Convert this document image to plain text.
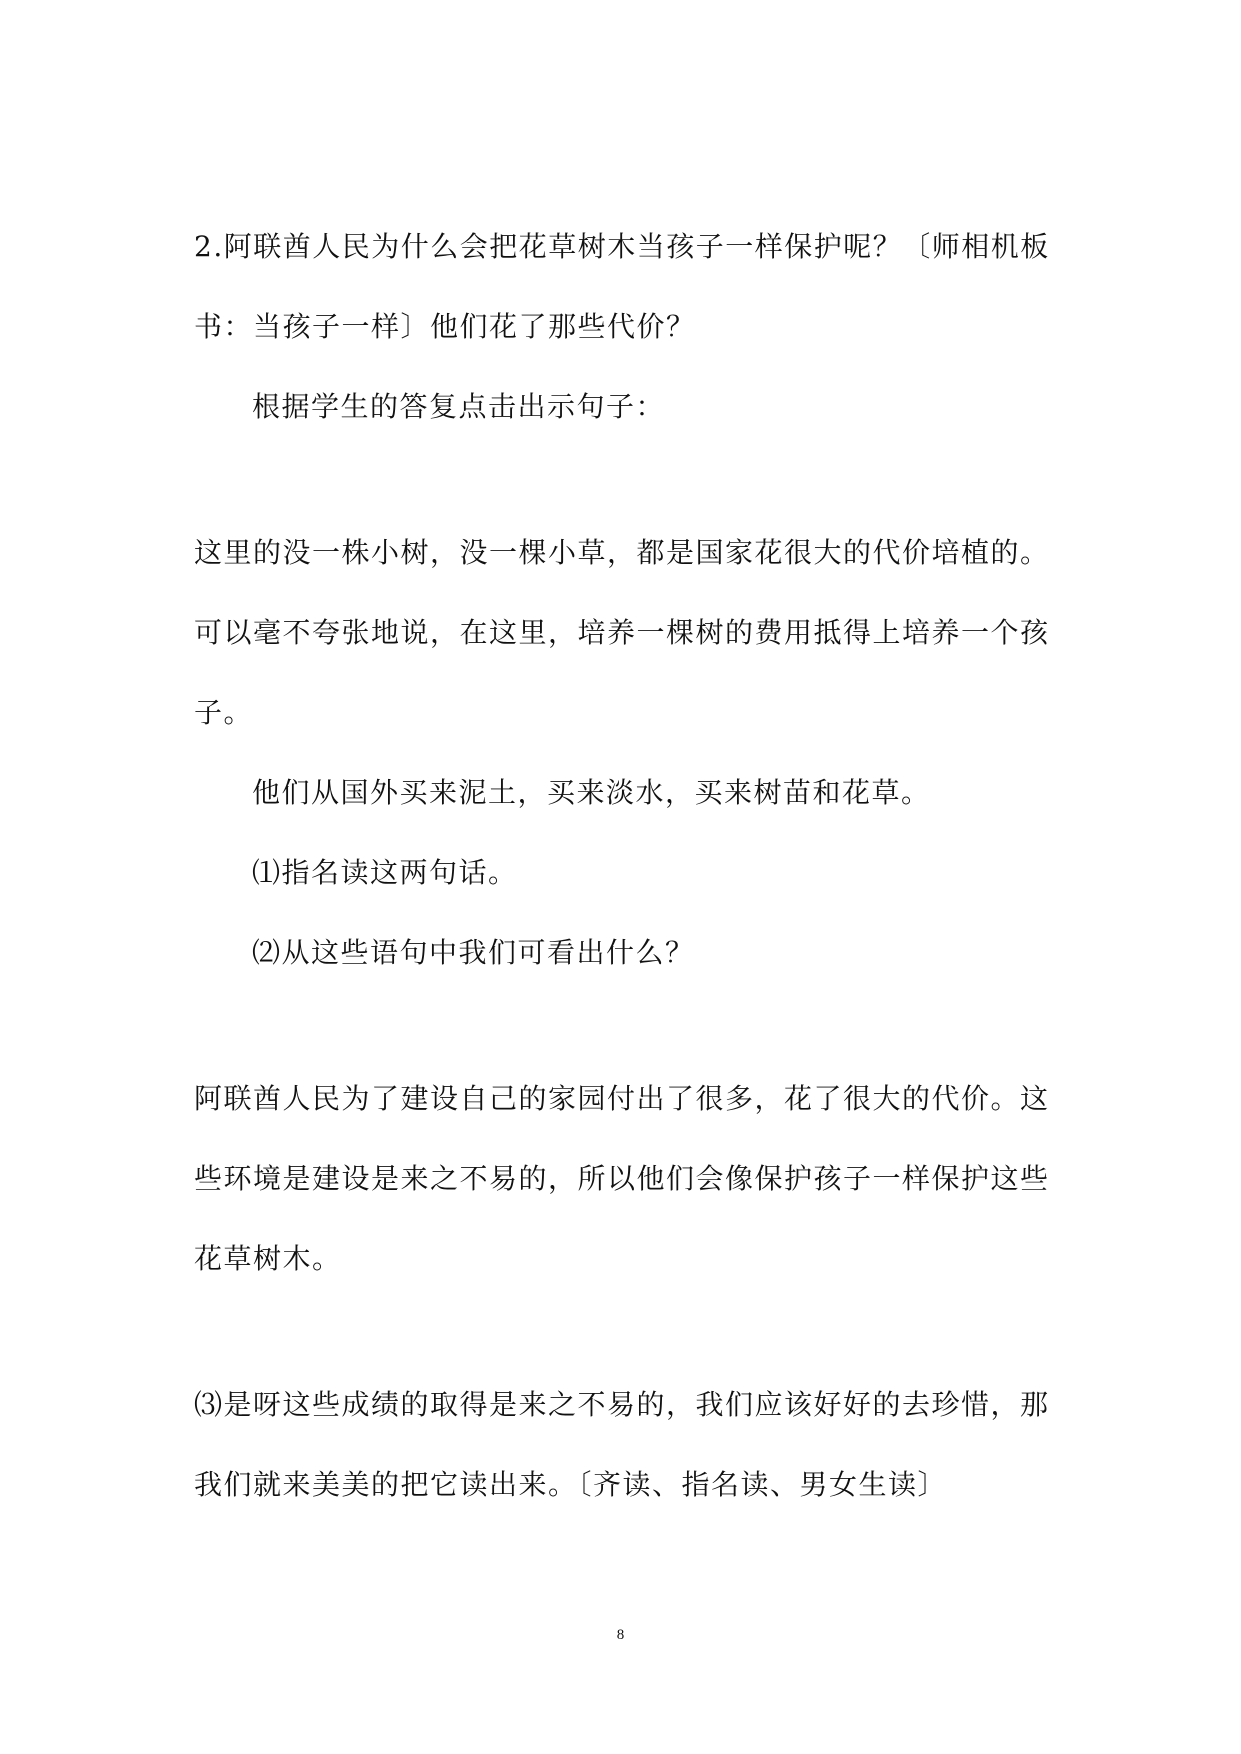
2.阿联酋人民为什么会把花草树木当孩子一样保护呢？〔师相机板
书：当孩子一样〕他们花了那些代价？
根据学生的答复点击出示句子：
这里的没一株小树，没一棵小草，都是国家花很大的代价培植的。
可以毫不夸张地说，在这里，培养一棵树的费用抵得上培养一个孩
子。
他们从国外买来泥土，买来淡水，买来树苗和花草。
⑴指名读这两句话。
⑵从这些语句中我们可看出什么？
阿联酋人民为了建设自己的家园付出了很多，花了很大的代价。这
些环境是建设是来之不易的，所以他们会像保护孩子一样保护这些
花草树木。
⑶是呀这些成绩的取得是来之不易的，我们应该好好的去珍惜，那
我们就来美美的把它读出来。〔齐读、指名读、男女生读〕
8
